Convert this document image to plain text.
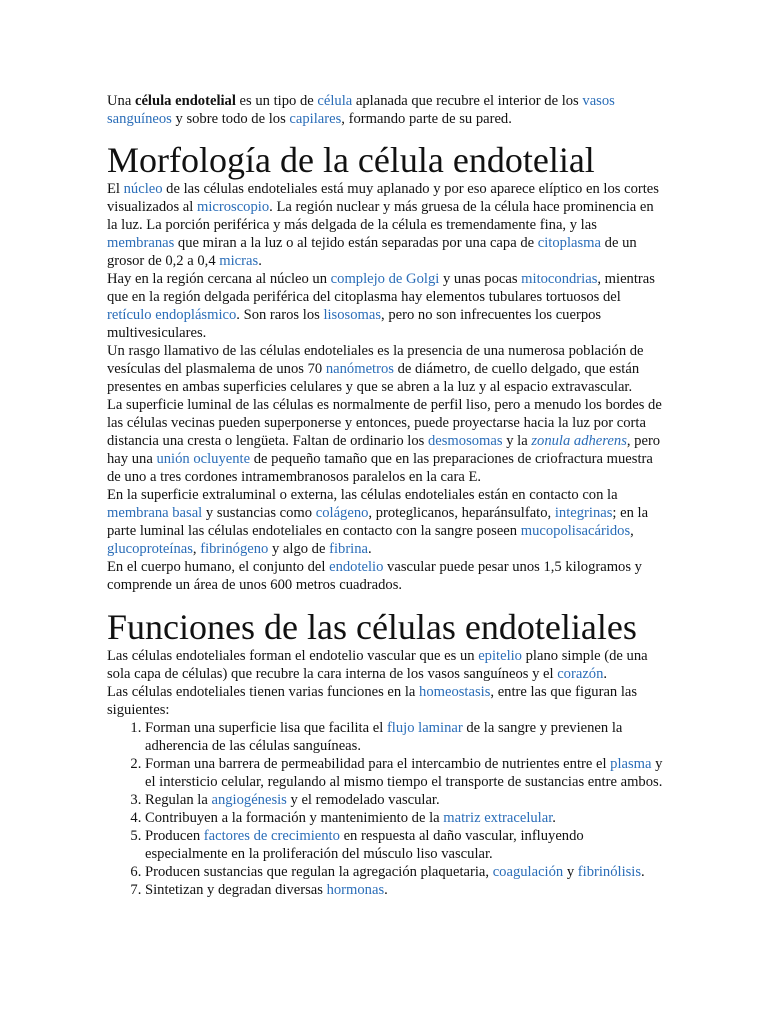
Una célula endotelial es un tipo de célula aplanada que recubre el interior de los vasos sanguíneos y sobre todo de los capilares, formando parte de su pared.

Morfología de la célula endotelial

El núcleo de las células endoteliales está muy aplanado y por eso aparece elíptico en los cortes visualizados al microscopio. La región nuclear y más gruesa de la célula hace prominencia en la luz. La porción periférica y más delgada de la célula es tremendamente fina, y las membranas que miran a la luz o al tejido están separadas por una capa de citoplasma de un grosor de 0,2 a 0,4 micras.

Hay en la región cercana al núcleo un complejo de Golgi y unas pocas mitocondrias, mientras que en la región delgada periférica del citoplasma hay elementos tubulares tortuosos del retículo endoplásmico. Son raros los lisosomas, pero no son infrecuentes los cuerpos multivesiculares.

Un rasgo llamativo de las células endoteliales es la presencia de una numerosa población de vesículas del plasmalema de unos 70 nanómetros de diámetro, de cuello delgado, que están presentes en ambas superficies celulares y que se abren a la luz y al espacio extravascular.

La superficie luminal de las células es normalmente de perfil liso, pero a menudo los bordes de las células vecinas pueden superponerse y entonces, puede proyectarse hacia la luz por corta distancia una cresta o lengüeta. Faltan de ordinario los desmosomas y la zonula adherens, pero hay una unión ocluyente de pequeño tamaño que en las preparaciones de criofractura muestra de uno a tres cordones intramembranosos paralelos en la cara E.

En la superficie extraluminal o externa, las células endoteliales están en contacto con la membrana basal y sustancias como colágeno, proteglicanos, heparánsulfato, integrinas; en la parte luminal las células endoteliales en contacto con la sangre poseen mucopolisacáridos, glucoproteínas, fibrinógeno y algo de fibrina.

En el cuerpo humano, el conjunto del endotelio vascular puede pesar unos 1,5 kilogramos y comprende un área de unos 600 metros cuadrados.

Funciones de las células endoteliales

Las células endoteliales forman el endotelio vascular que es un epitelio plano simple (de una sola capa de células) que recubre la cara interna de los vasos sanguíneos y el corazón.

Las células endoteliales tienen varias funciones en la homeostasis, entre las que figuran las siguientes:

1. Forman una superficie lisa que facilita el flujo laminar de la sangre y previenen la adherencia de las células sanguíneas.
2. Forman una barrera de permeabilidad para el intercambio de nutrientes entre el plasma y el intersticio celular, regulando al mismo tiempo el transporte de sustancias entre ambos.
3. Regulan la angiogénesis y el remodelado vascular.
4. Contribuyen a la formación y mantenimiento de la matriz extracelular.
5. Producen factores de crecimiento en respuesta al daño vascular, influyendo especialmente en la proliferación del músculo liso vascular.
6. Producen sustancias que regulan la agregación plaquetaria, coagulación y fibrinólisis.
7. Sintetizan y degradan diversas hormonas.
